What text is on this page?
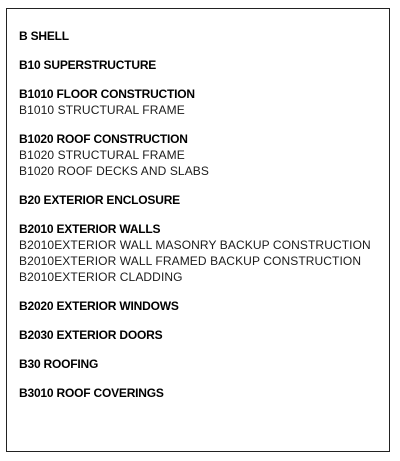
B SHELL
B10 SUPERSTRUCTURE
B1010 FLOOR CONSTRUCTION
B1010 STRUCTURAL FRAME
B1020 ROOF CONSTRUCTION
B1020 STRUCTURAL FRAME
B1020 ROOF DECKS AND SLABS
B20 EXTERIOR ENCLOSURE
B2010 EXTERIOR WALLS
B2010EXTERIOR WALL MASONRY BACKUP CONSTRUCTION
B2010EXTERIOR WALL FRAMED BACKUP CONSTRUCTION
B2010EXTERIOR CLADDING
B2020 EXTERIOR WINDOWS
B2030 EXTERIOR DOORS
B30 ROOFING
B3010 ROOF COVERINGS
